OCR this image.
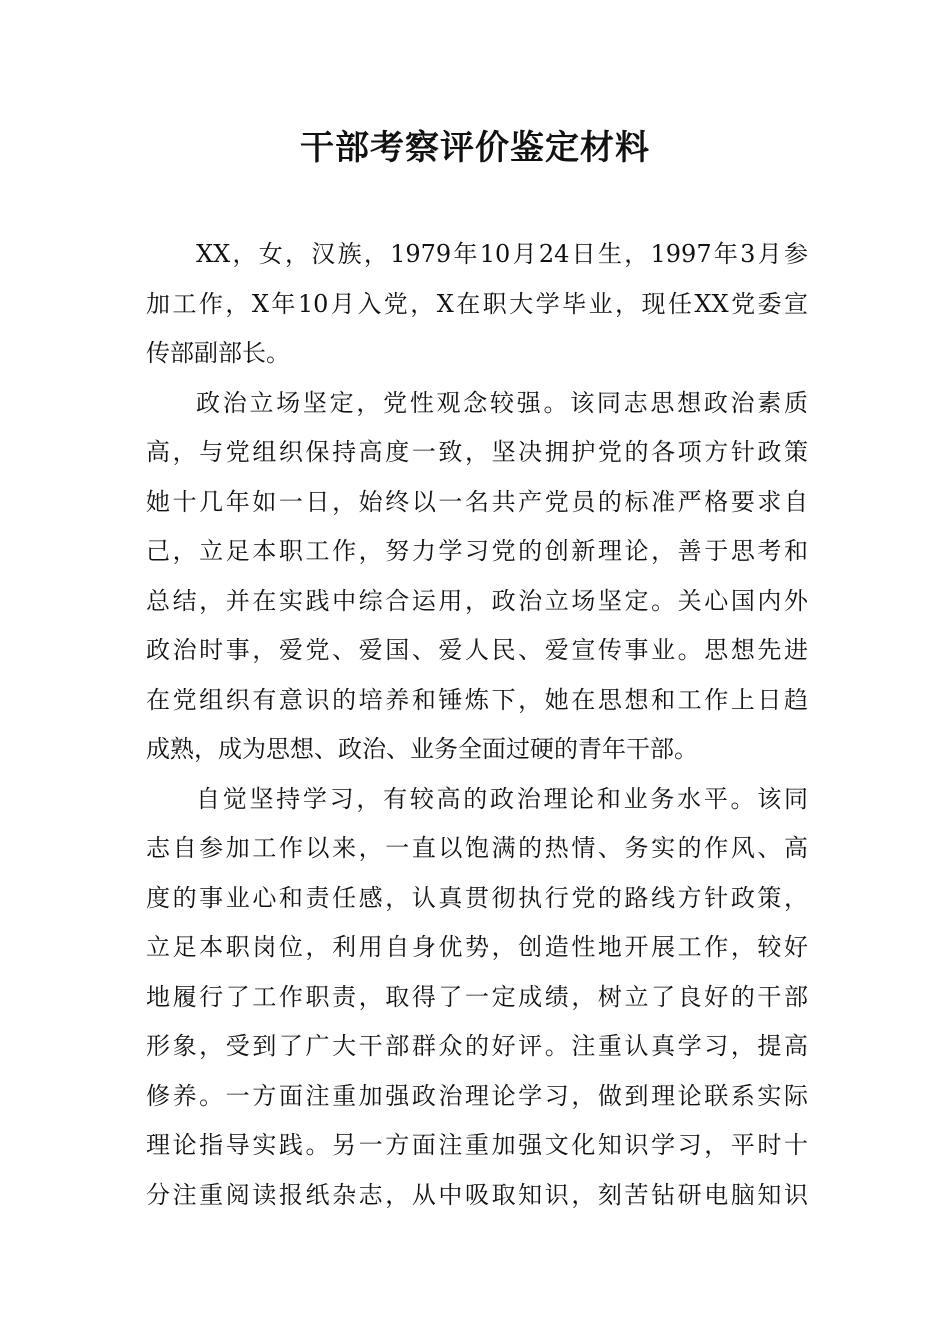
干部考察评价鉴定材料

XX，女，汉族，1979年10月24日生，1997年3月参
加工作，X年10月入党，X在职大学毕业，现任XX党委宣
传部副部长。

政治立场坚定，党性观念较强。该同志思想政治素质
高，与党组织保持高度一致，坚决拥护党的各项方针政策
她十几年如一日，始终以一名共产党员的标准严格要求自
己，立足本职工作，努力学习党的创新理论，善于思考和
总结，并在实践中综合运用，政治立场坚定。关心国内外
政治时事，爱党、爱国、爱人民、爱宣传事业。思想先进
在党组织有意识的培养和锤炼下，她在思想和工作上日趋
成熟，成为思想、政治、业务全面过硬的青年干部。

自觉坚持学习，有较高的政治理论和业务水平。该同
志自参加工作以来，一直以饱满的热情、务实的作风、高
度的事业心和责任感，认真贯彻执行党的路线方针政策，
立足本职岗位，利用自身优势，创造性地开展工作，较好
地履行了工作职责，取得了一定成绩，树立了良好的干部
形象，受到了广大干部群众的好评。注重认真学习，提高
修养。一方面注重加强政治理论学习，做到理论联系实际
理论指导实践。另一方面注重加强文化知识学习，平时十
分注重阅读报纸杂志，从中吸取知识，刻苦钻研电脑知识
